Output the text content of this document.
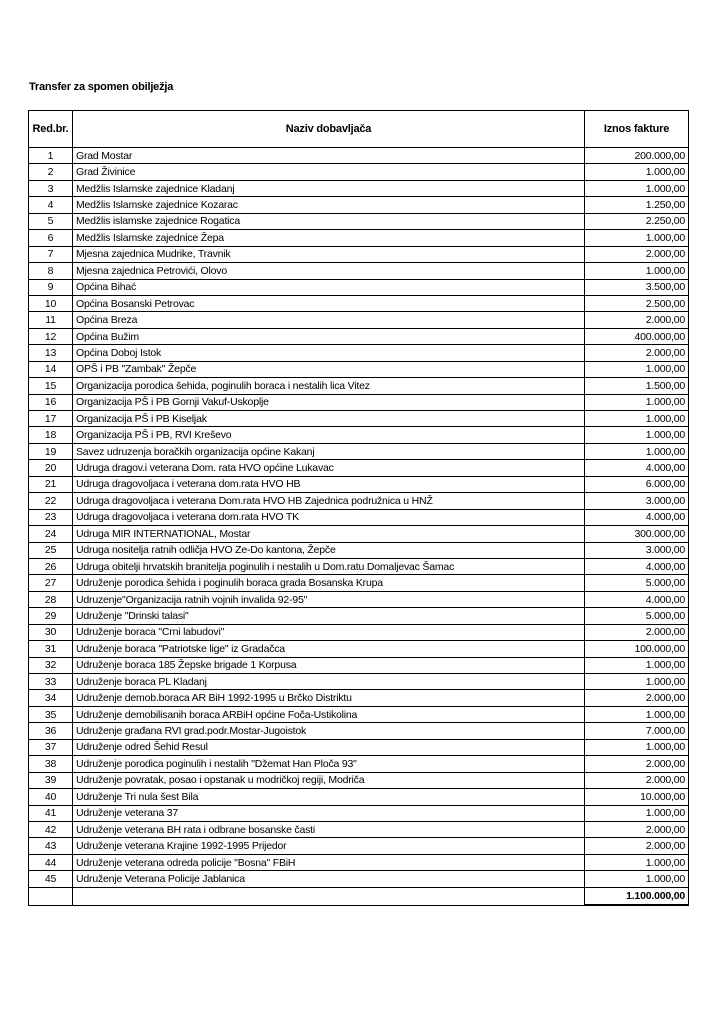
Transfer za spomen obilježja
Red.br.	Naziv dobavljača	Iznos fakture
1	Grad Mostar	200.000,00
2	Grad Živinice	1.000,00
3	Medžlis Islamske zajednice Kladanj	1.000,00
4	Medžlis Islamske zajednice Kozarac	1.250,00
5	Medžlis islamske zajednice Rogatica	2.250,00
6	Medžlis Islamske zajednice Žepa	1.000,00
7	Mjesna zajednica Mudrike, Travnik	2.000,00
8	Mjesna zajednica Petrovići, Olovo	1.000,00
9	Općina Bihać	3.500,00
10	Općina Bosanski Petrovac	2.500,00
11	Općina Breza	2.000,00
12	Općina Bužim	400.000,00
13	Općina Doboj Istok	2.000,00
14	OPŠ i PB "Zambak" Žepče	1.000,00
15	Organizacija porodica šehida, poginulih boraca i nestalih lica Vitez	1.500,00
16	Organizacija PŠ i PB Gornji Vakuf-Uskoplje	1.000,00
17	Organizacija PŠ i PB Kiseljak	1.000,00
18	Organizacija PŠ i PB, RVI Kreševo	1.000,00
19	Savez udruzenja boračkih organizacija općine Kakanj	1.000,00
20	Udruga dragov.i veterana Dom. rata HVO općine Lukavac	4.000,00
21	Udruga dragovoljaca i veterana dom.rata HVO HB	6.000,00
22	Udruga dragovoljaca i veterana Dom.rata HVO HB Zajednica podružnica u HNŽ	3.000,00
23	Udruga dragovoljaca i veterana dom.rata HVO TK	4.000,00
24	Udruga MIR INTERNATIONAL, Mostar	300.000,00
25	Udruga nositelja ratnih odličja HVO Ze-Do kantona, Žepče	3.000,00
26	Udruga obitelji hrvatskih branitelja poginulih i nestalih u Dom.ratu Domaljevac Šamac	4.000,00
27	Udruženje porodica šehida i poginulih boraca grada Bosanska Krupa	5.000,00
28	Udruzenje"Organizacija ratnih vojnih invalida 92-95"	4.000,00
29	Udruženje "Drinski talasi"	5.000,00
30	Udruženje boraca "Crni labudovi"	2.000,00
31	Udruženje boraca "Patriotske lige" iz Gradačca	100.000,00
32	Udruženje boraca 185 Žepske brigade 1 Korpusa	1.000,00
33	Udruženje boraca PL Kladanj	1.000,00
34	Udruženje demob.boraca AR BiH 1992-1995 u Brčko Distriktu	2.000,00
35	Udruženje demobilisanih boraca ARBiH općine Foča-Ustikolina	1.000,00
36	Udruženje građana RVI grad.podr.Mostar-Jugoistok	7.000,00
37	Udruženje odred Šehid Resul	1.000,00
38	Udruženje porodica poginulih i nestalih "Džemat Han Ploča 93"	2.000,00
39	Udruženje povratak, posao i opstanak u modričkoj regiji, Modriča	2.000,00
40	Udruženje Tri nula šest Bila	10.000,00
41	Udruženje veterana 37	1.000,00
42	Udruženje veterana BH rata i odbrane bosanske časti	2.000,00
43	Udruženje veterana Krajine 1992-1995 Prijedor	2.000,00
44	Udruženje veterana odreda policije "Bosna" FBiH	1.000,00
45	Udruženje Veterana Policije Jablanica	1.000,00
		1.100.000,00
